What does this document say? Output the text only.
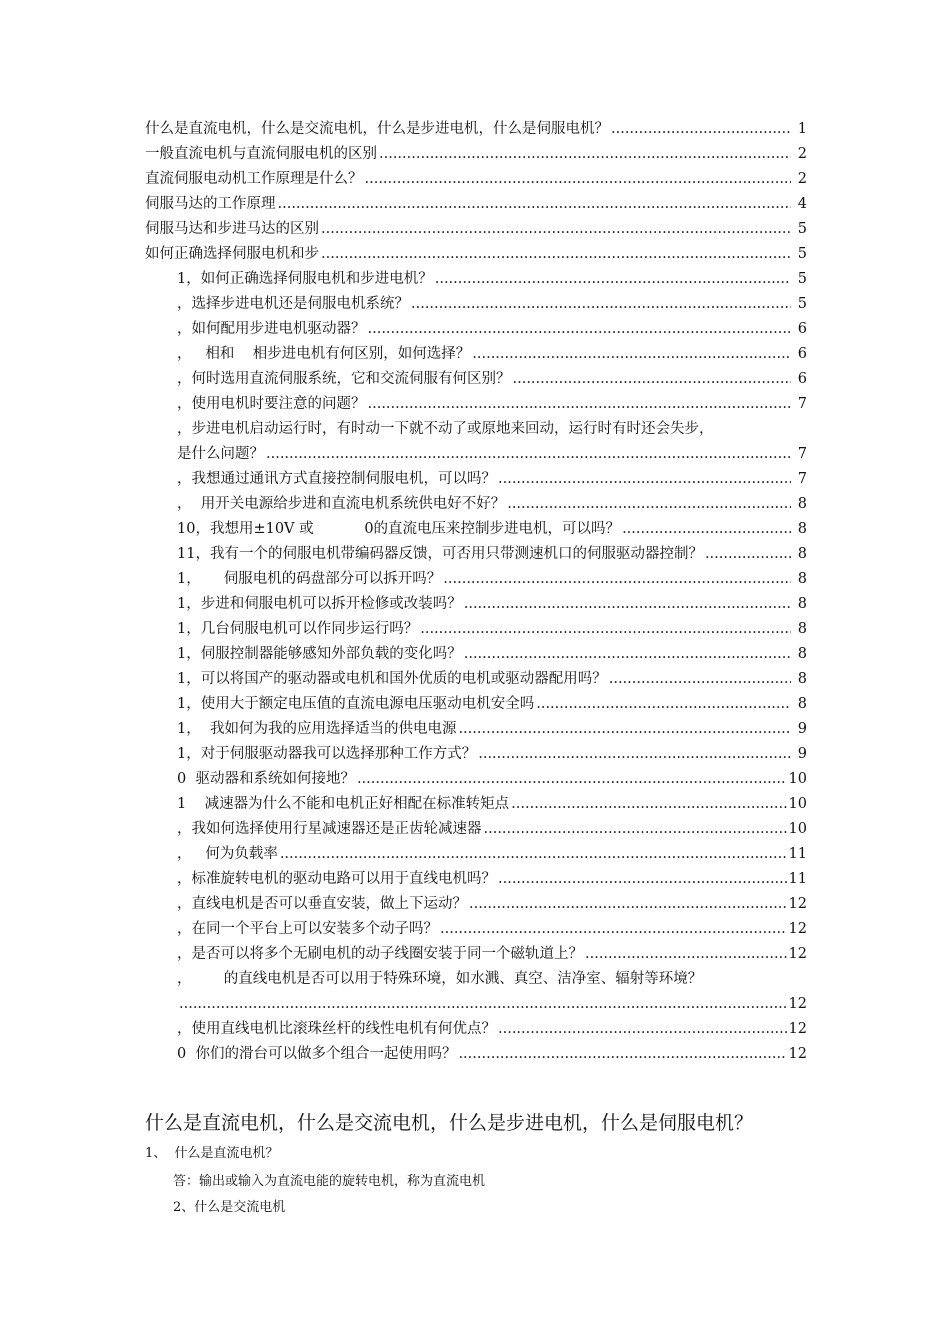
什么是直流电机，什么是交流电机，什么是步进电机，什么是伺服电机？ .....	1
一般直流电机与直流伺服电机的区别 .....	2
直流伺服电动机工作原理是什么？ .....	2
伺服马达的工作原理 .....	4
伺服马达和步进马达的区别 .....	5
如何正确选择伺服电机和步 .....	5
1，如何正确选择伺服电机和步进电机？ .....	5
，选择步进电机还是伺服电机系统？ .....	5
，如何配用步进电机驱动器？ .....	6
，   相和    相步进电机有何区别，如何选择？ .....	6
，何时选用直流伺服系统，它和交流伺服有何区别？ .....	6
，使用电机时要注意的问题？ .....	7
，步进电机启动运行时，有时动一下就不动了或原地来回动，运行时有时还会失步，
是什么问题？ .....	7
，我想通过通讯方式直接控制伺服电机，可以吗？ .....	7
，  用开关电源给步进和直流电机系统供电好不好？ .....	8
10，我想用±10V 或           0的直流电压来控制步进电机，可以吗？ .....	8
11，我有一个的伺服电机带编码器反馈，可否用只带测速机口的伺服驱动器控制？ .....	8
1，     伺服电机的码盘部分可以拆开吗？ .....	8
1，步进和伺服电机可以拆开检修或改装吗？ .....	8
1，几台伺服电机可以作同步运行吗？ .....	8
1，伺服控制器能够感知外部负载的变化吗？ .....	8
1，可以将国产的驱动器或电机和国外优质的电机或驱动器配用吗？ .....	8
1，使用大于额定电压值的直流电源电压驱动电机安全吗 .....	8
1，  我如何为我的应用选择适当的供电电源 .....	9
1，对于伺服驱动器我可以选择那种工作方式？ .....	9
0  驱动器和系统如何接地？ .....	10
1    减速器为什么不能和电机正好相配在标准转矩点 .....	10
，我如何选择使用行星减速器还是正齿轮减速器 .....	10
，   何为负载率 .....	11
，标准旋转电机的驱动电路可以用于直线电机吗？ .....	11
，直线电机是否可以垂直安装，做上下运动？ .....	12
，在同一个平台上可以安装多个动子吗？ .....	12
，是否可以将多个无刷电机的动子线圈安装于同一个磁轨道上？ .....	12
，       的直线电机是否可以用于特殊环境，如水溅、真空、洁净室、辐射等环境？
.....
12
，使用直线电机比滚珠丝杆的线性电机有何优点？ .....	12
0  你们的滑台可以做多个组合一起使用吗？ .....	12
什么是直流电机，什么是交流电机，什么是步进电机，什么是伺服电机？
1、  什么是直流电机？
答：输出或输入为直流电能的旋转电机，称为直流电机
2、什么是交流电机
